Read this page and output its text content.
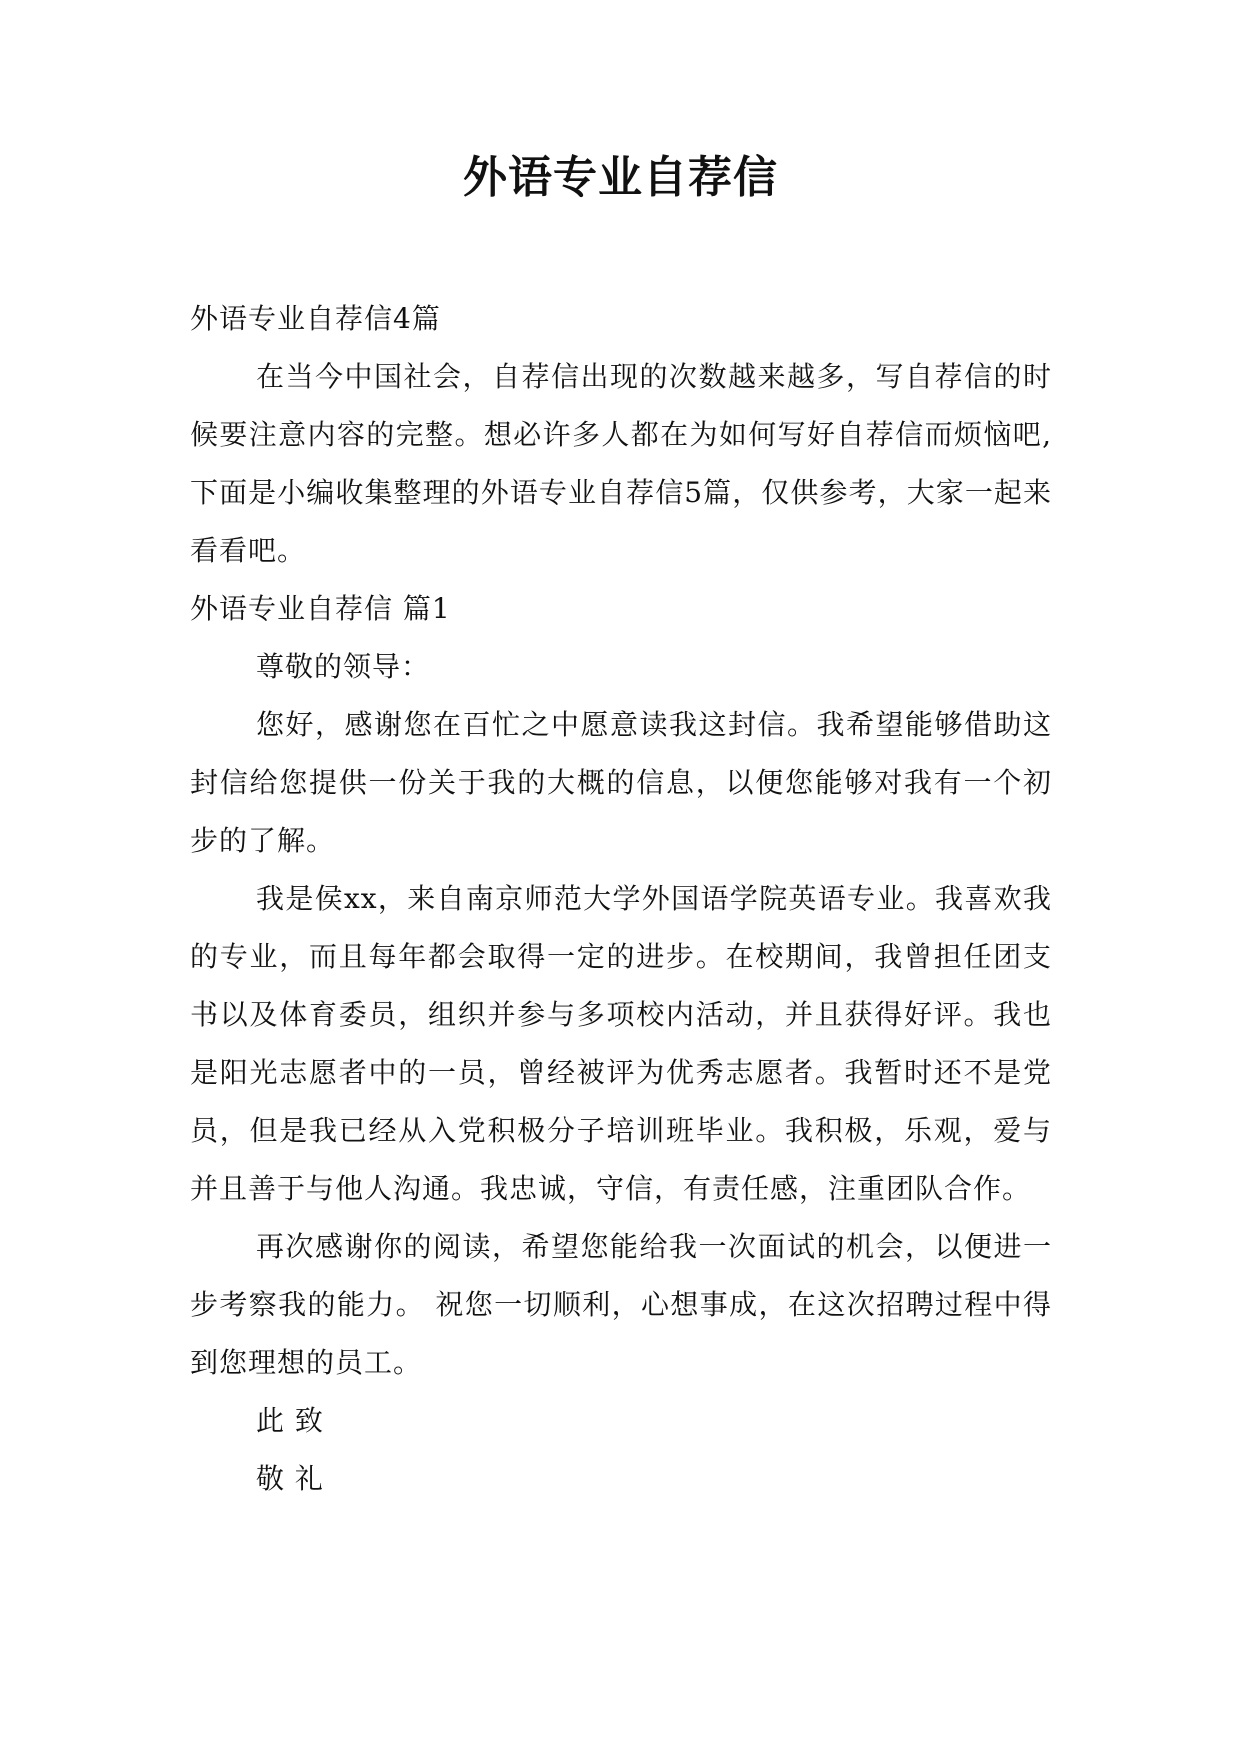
外语专业自荐信

外语专业自荐信4篇

在当今中国社会，自荐信出现的次数越来越多，写自荐信的时候要注意内容的完整。想必许多人都在为如何写好自荐信而烦恼吧,下面是小编收集整理的外语专业自荐信5篇，仅供参考，大家一起来看看吧。

外语专业自荐信 篇1

尊敬的领导：

您好，感谢您在百忙之中愿意读我这封信。我希望能够借助这封信给您提供一份关于我的大概的信息，以便您能够对我有一个初步的了解。

我是侯xx，来自南京师范大学外国语学院英语专业。我喜欢我的专业，而且每年都会取得一定的进步。在校期间，我曾担任团支书以及体育委员，组织并参与多项校内活动，并且获得好评。我也是阳光志愿者中的一员，曾经被评为优秀志愿者。我暂时还不是党员，但是我已经从入党积极分子培训班毕业。我积极，乐观，爱与并且善于与他人沟通。我忠诚，守信，有责任感，注重团队合作。

再次感谢你的阅读，希望您能给我一次面试的机会，以便进一步考察我的能力。 祝您一切顺利，心想事成，在这次招聘过程中得到您理想的员工。

此 致

敬 礼
